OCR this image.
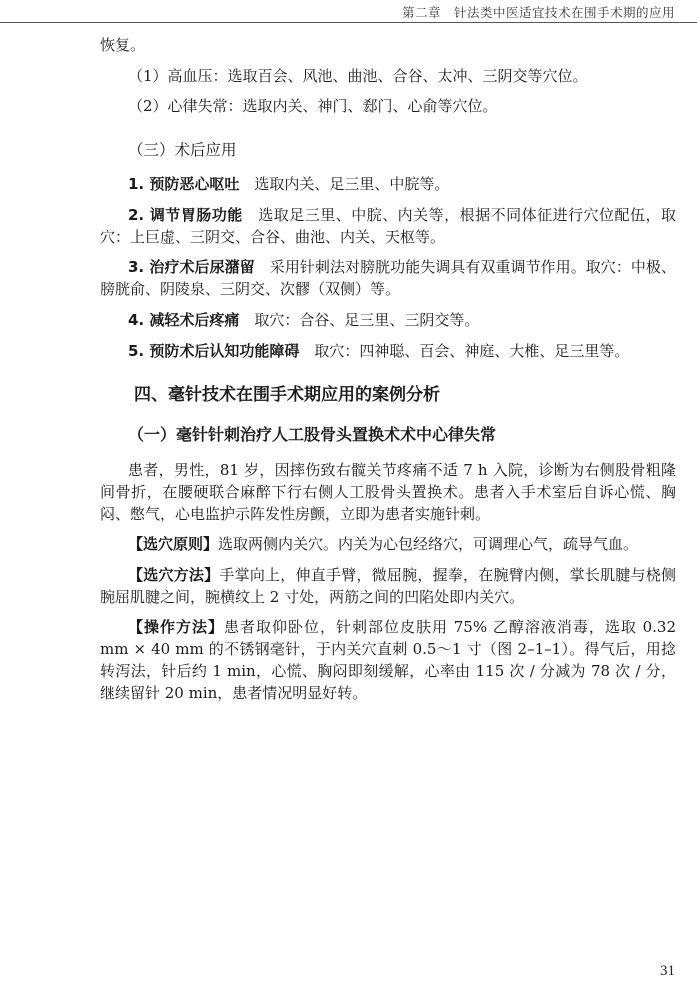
第二章　针法类中医适宜技术在围手术期的应用
恢复。
（1）高血压：选取百会、风池、曲池、合谷、太冲、三阴交等穴位。
（2）心律失常：选取内关、神门、郄门、心俞等穴位。
（三）术后应用
1. 预防恶心呕吐　 选取内关、足三里、中脘等。
2. 调节胃肠功能　 选取足三里、中脘、内关等，根据不同体征进行穴位配伍，取穴：上巨虚、三阴交、合谷、曲池、内关、天枢等。
3. 治疗术后尿潴留　 采用针刺法对膀胱功能失调具有双重调节作用。取穴：中极、膀胱俞、阴陵泉、三阴交、次髎（双侧）等。
4. 减轻术后疼痛　 取穴：合谷、足三里、三阴交等。
5. 预防术后认知功能障碍　 取穴：四神聪、百会、神庭、大椎、足三里等。
四、毫针技术在围手术期应用的案例分析
（一）毫针针刺治疗人工股骨头置换术术中心律失常
患者，男性，81 岁，因摔伤致右髋关节疼痛不适 7 h 入院，诊断为右侧股骨粗隆间骨折，在腰硬联合麻醉下行右侧人工股骨头置换术。患者入手术室后自诉心慌、胸闷、憋气，心电监护示阵发性房颤，立即为患者实施针刺。
【选穴原则】选取两侧内关穴。内关为心包经络穴，可调理心气，疏导气血。
【选穴方法】手掌向上，伸直手臂，微屈腕，握拳，在腕臂内侧，掌长肌腱与桡侧腕屈肌腱之间，腕横纹上 2 寸处，两筋之间的凹陷处即内关穴。
【操作方法】患者取仰卧位，针刺部位皮肤用 75% 乙醇溶液消毒，选取 0.32 mm × 40 mm 的不锈钢毫针，于内关穴直刺 0.5～1 寸（图 2–1–1）。得气后，用捻转泻法，针后约 1 min，心慌、胸闷即刻缓解，心率由 115 次 / 分减为 78 次 / 分，继续留针 20 min，患者情况明显好转。
31
